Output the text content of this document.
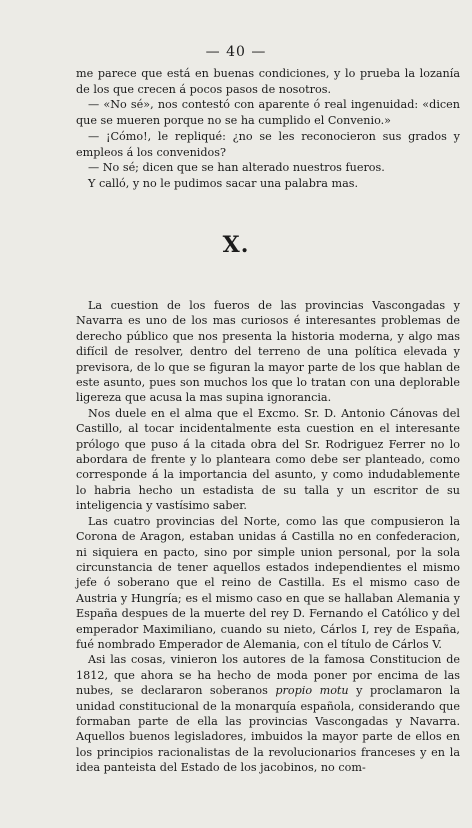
— 40 —

me parece que está en buenas condiciones, y lo prueba la lozanía de los que crecen á pocos pasos de nosotros.

— «No sé», nos contestó con aparente ó real ingenuidad: «dicen que se mueren porque no se ha cumplido el Convenio.»

— ¡Cómo!, le repliqué: ¿no se les reconocieron sus grados y empleos á los convenidos?

— No sé; dicen que se han alterado nuestros fueros.

Y calló, y no le pudimos sacar una palabra mas.

X.

La cuestion de los fueros de las provincias Vascongadas y Navarra es uno de los mas curiosos é interesantes problemas de derecho público que nos presenta la historia moderna, y algo mas difícil de resolver, dentro del terreno de una política elevada y previsora, de lo que se figuran la mayor parte de los que hablan de este asunto, pues son muchos los que lo tratan con una deplorable ligereza que acusa la mas supina ignorancia.

Nos duele en el alma que el Excmo. Sr. D. Antonio Cánovas del Castillo, al tocar incidentalmente esta cuestion en el interesante prólogo que puso á la citada obra del Sr. Rodriguez Ferrer no lo abordara de frente y lo planteara como debe ser planteado, como corresponde á la importancia del asunto, y como indudablemente lo habria hecho un estadista de su talla y un escritor de su inteligencia y vastísimo saber.

Las cuatro provincias del Norte, como las que compusieron la Corona de Aragon, estaban unidas á Castilla no en confederacion, ni siquiera en pacto, sino por simple union personal, por la sola circunstancia de tener aquellos estados independientes el mismo jefe ó soberano que el reino de Castilla. Es el mismo caso de Austria y Hungría; es el mismo caso en que se hallaban Alemania y España despues de la muerte del rey D. Fernando el Católico y del emperador Maximiliano, cuando su nieto, Cárlos I, rey de España, fué nombrado Emperador de Alemania, con el título de Cárlos V.

Asi las cosas, vinieron los autores de la famosa Constitucion de 1812, que ahora se ha hecho de moda poner por encima de las nubes, se declararon soberanos propio motu y proclamaron la unidad constitucional de la monarquía española, considerando que formaban parte de ella las provincias Vascongadas y Navarra. Aquellos buenos legisladores, imbuidos la mayor parte de ellos en los principios racionalistas de la revolucionarios franceses y en la idea panteista del Estado de los jacobinos, no com-
